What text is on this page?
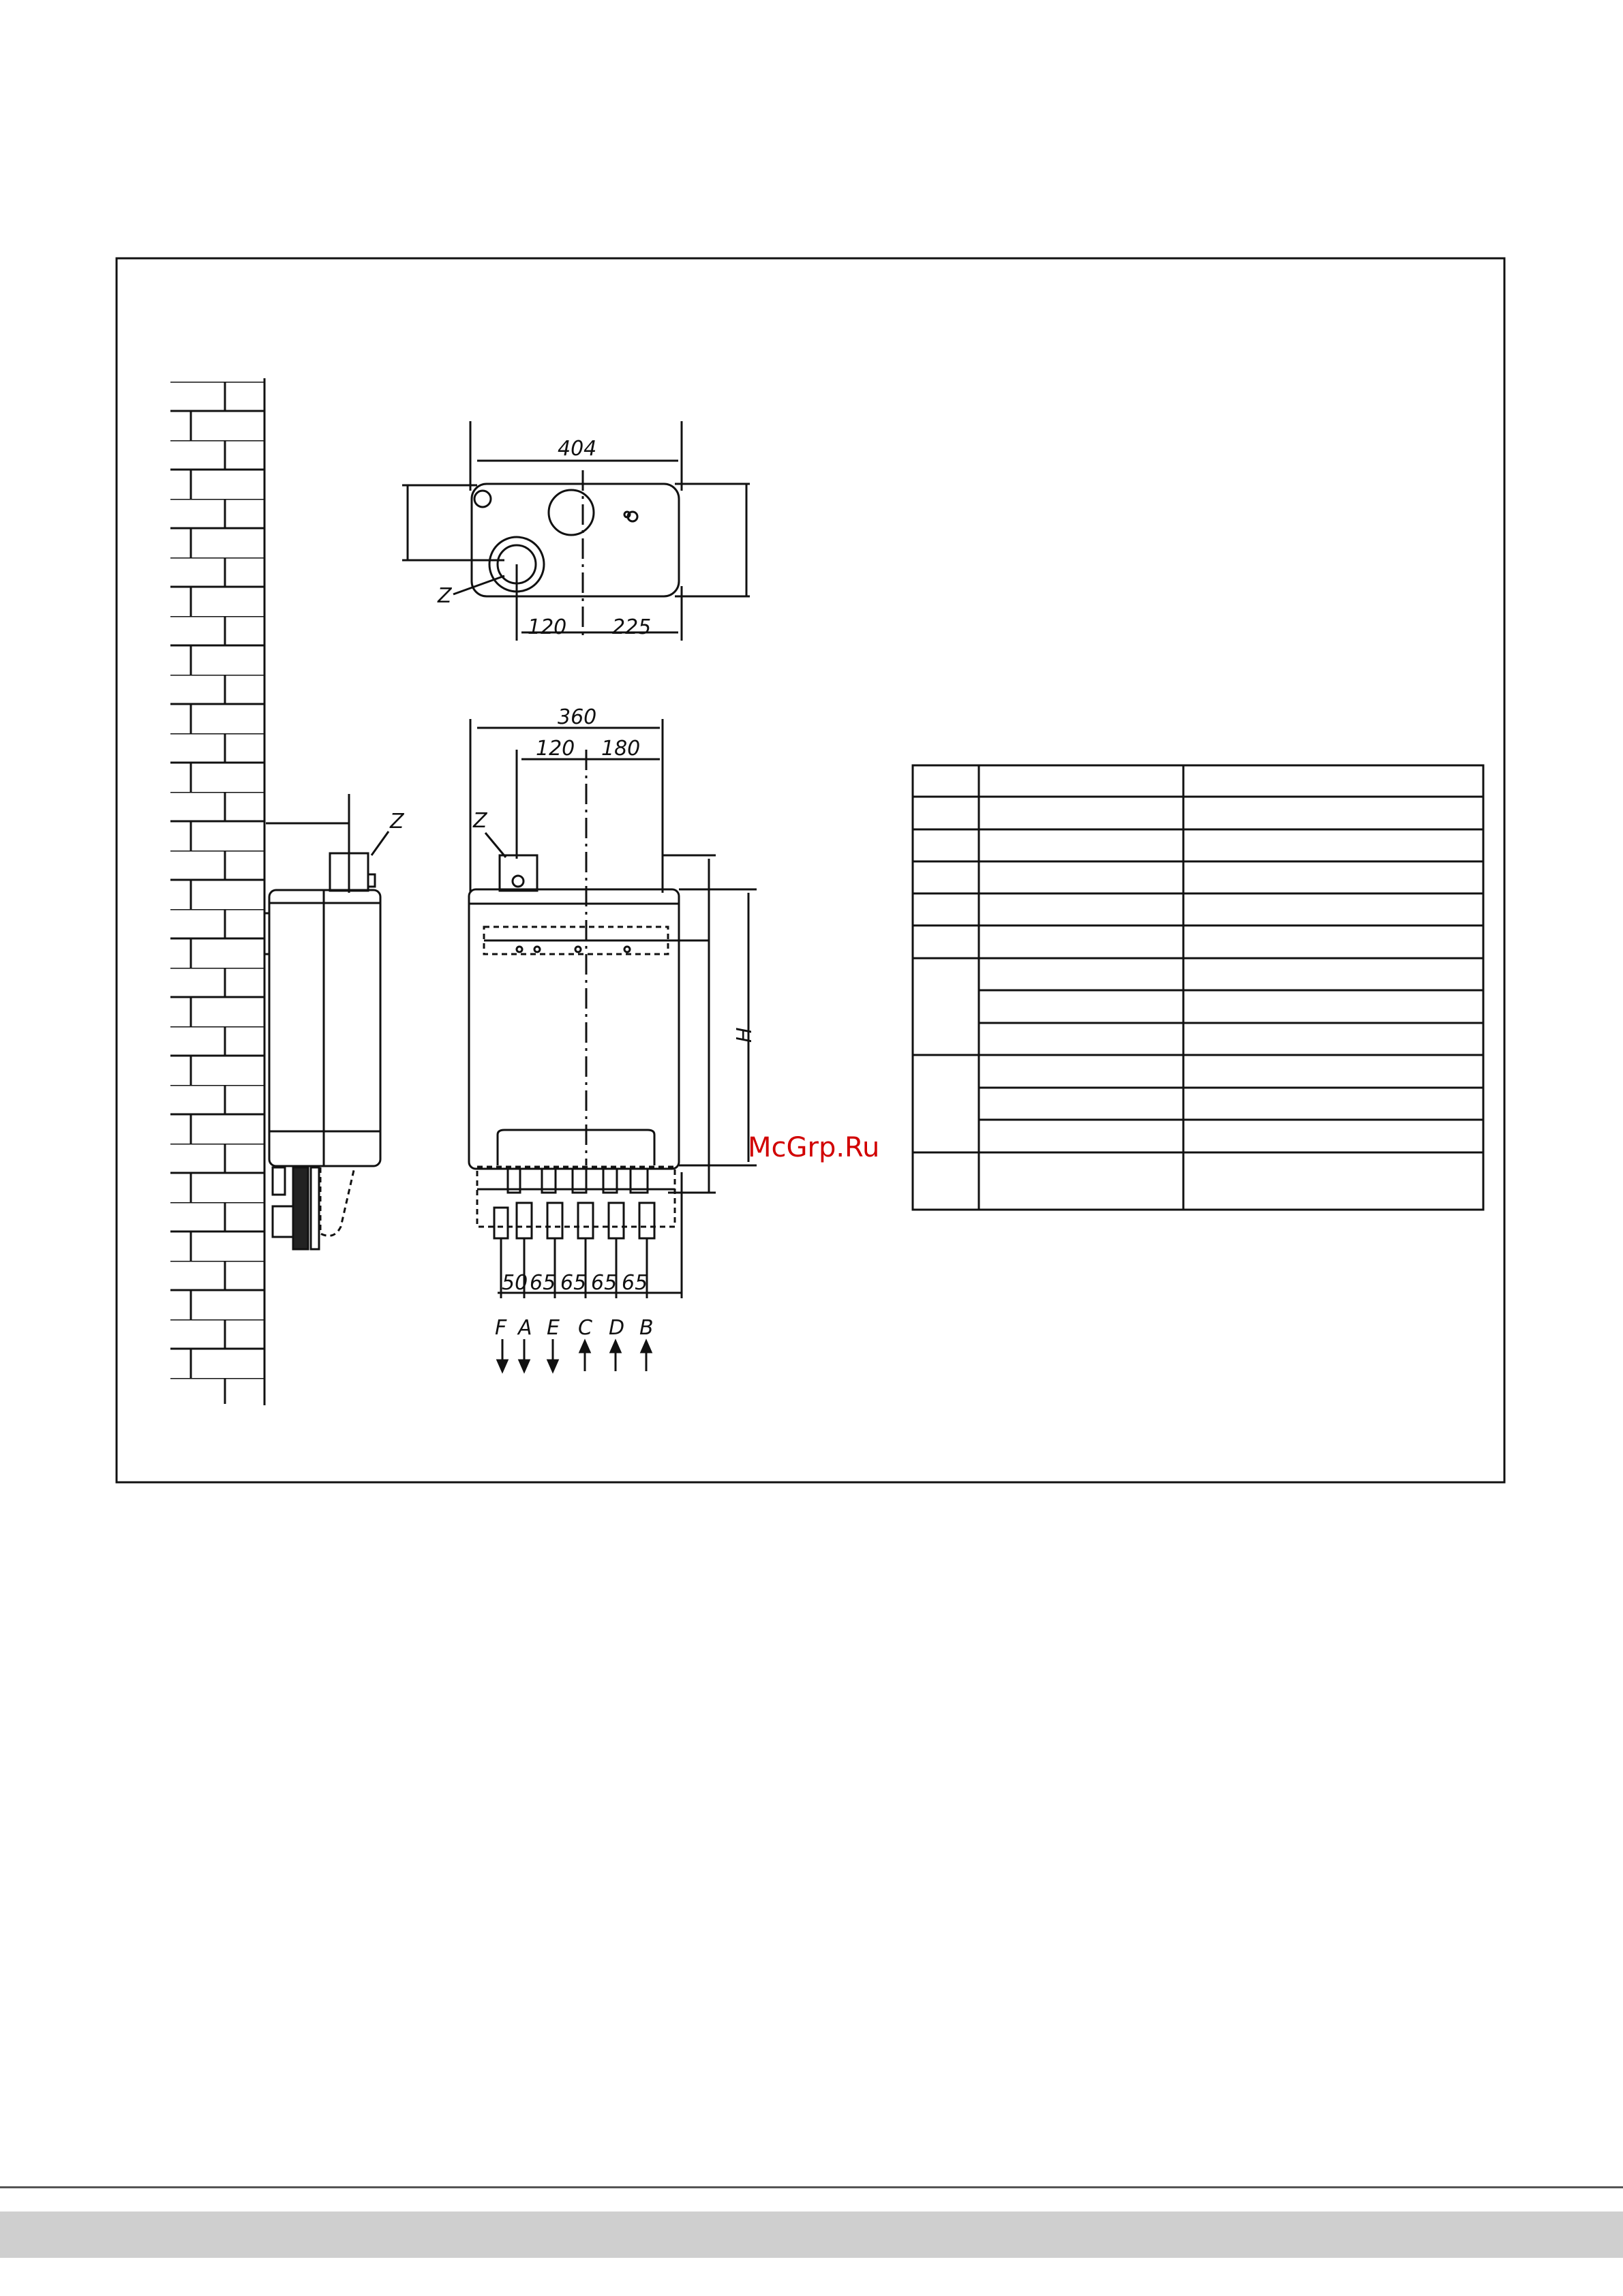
Z
404
120 225
Z
360
120 180
Z
H
50 65 65 65 65
F A E C D B
McGrp.Ru
